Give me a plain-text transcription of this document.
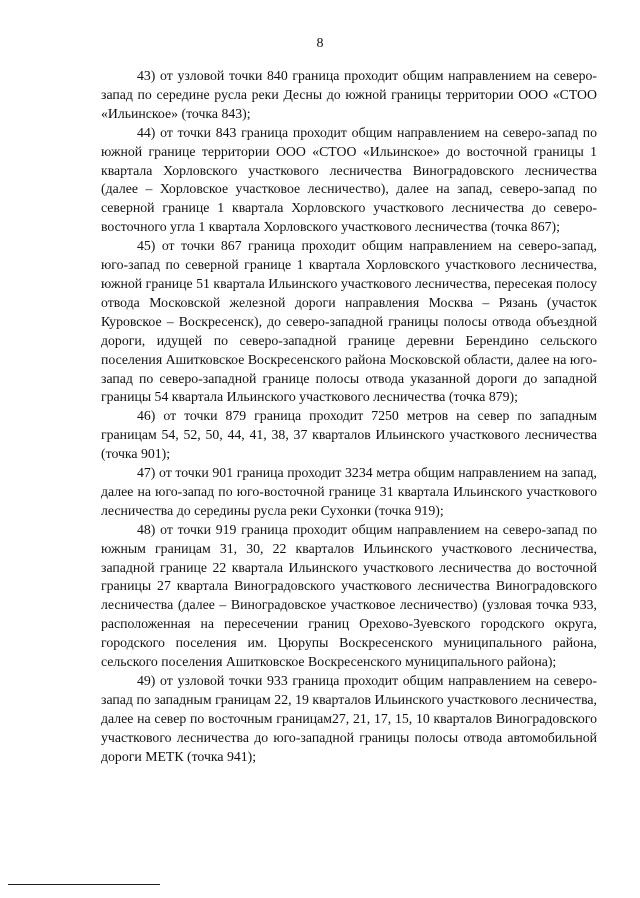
8

43) от узловой точки 840 граница проходит общим направлением на северо-запад по середине русла реки Десны до южной границы территории ООО «СТОО «Ильинское» (точка 843);

44) от точки 843 граница проходит общим направлением на северо-запад по южной границе территории ООО «СТОО «Ильинское» до восточной границы 1 квартала Хорловского участкового лесничества Виноградовского лесничества (далее – Хорловское участковое лесничество), далее на запад, северо-запад по северной границе 1 квартала Хорловского участкового лесничества до северо-восточного угла 1 квартала Хорловского участкового лесничества (точка 867);

45) от точки 867 граница проходит общим направлением на северо-запад, юго-запад по северной границе 1 квартала Хорловского участкового лесничества, южной границе 51 квартала Ильинского участкового лесничества, пересекая полосу отвода Московской железной дороги направления Москва – Рязань (участок Куровское – Воскресенск), до северо-западной границы полосы отвода объездной дороги, идущей по северо-западной границе деревни Берендино сельского поселения Ашитковское Воскресенского района Московской области, далее на юго-запад по северо-западной границе полосы отвода указанной дороги до западной границы 54 квартала Ильинского участкового лесничества (точка 879);

46) от точки 879 граница проходит 7250 метров на север по западным границам 54, 52, 50, 44, 41, 38, 37 кварталов Ильинского участкового лесничества (точка 901);

47) от точки 901 граница проходит 3234 метра общим направлением на запад, далее на юго-запад по юго-восточной границе 31 квартала Ильинского участкового лесничества до середины русла реки Сухонки (точка 919);

48) от точки 919 граница проходит общим направлением на северо-запад по южным границам 31, 30, 22 кварталов Ильинского участкового лесничества, западной границе 22 квартала Ильинского участкового лесничества до восточной границы 27 квартала Виноградовского участкового лесничества Виноградовского лесничества (далее – Виноградовское участковое лесничество) (узловая точка 933, расположенная на пересечении границ Орехово-Зуевского городского округа, городского поселения им. Цюрупы Воскресенского муниципального района, сельского поселения Ашитковское Воскресенского муниципального района);

49) от узловой точки 933 граница проходит общим направлением на северо-запад по западным границам 22, 19 кварталов Ильинского участкового лесничества, далее на север по восточным границам27, 21, 17, 15, 10 кварталов Виноградовского участкового лесничества до юго-западной границы полосы отвода автомобильной дороги МЕТК (точка 941);
